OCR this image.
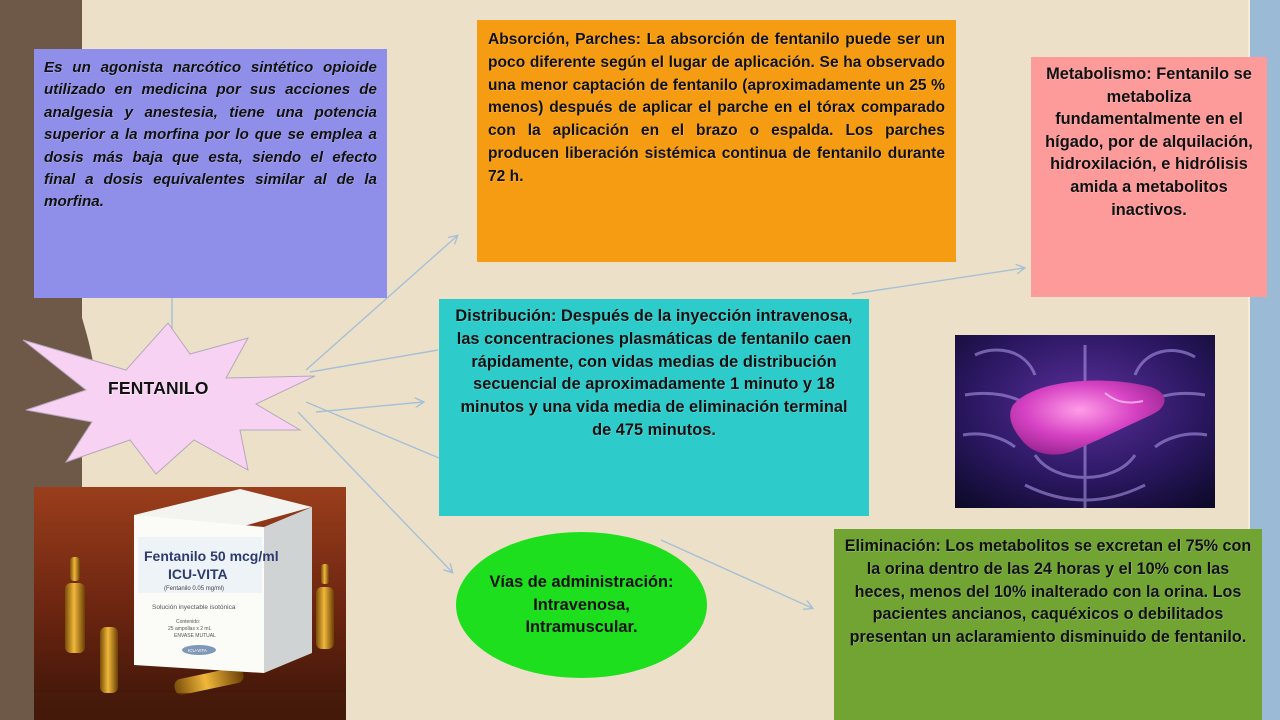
Es un agonista narcótico sintético opioide utilizado en medicina por sus acciones de analgesia y anestesia, tiene una potencia superior a la morfina por lo que se emplea a dosis más baja que esta, siendo el efecto final a dosis equivalentes similar al de la morfina.
Absorción, Parches: La absorción de fentanilo puede ser un poco diferente según el lugar de aplicación. Se ha observado una menor captación de fentanilo (aproximadamente un 25 % menos) después de aplicar el parche en el tórax comparado con la aplicación en el brazo o espalda. Los parches producen liberación sistémica continua de fentanilo durante 72 h.
Metabolismo: Fentanilo se metaboliza fundamentalmente en el hígado, por de alquilación, hidroxilación, e hidrólisis amida a metabolitos inactivos.
Distribución: Después de la inyección intravenosa, las concentraciones plasmáticas de fentanilo caen rápidamente, con vidas medias de distribución secuencial de aproximadamente 1 minuto y 18 minutos y una vida media de eliminación terminal de 475 minutos.
Eliminación: Los metabolitos se excretan el 75% con la orina dentro de las 24 horas y el 10% con las heces, menos del 10% inalterado con la orina. Los pacientes ancianos, caquéxicos o debilitados presentan un aclaramiento disminuido de fentanilo.
Vías de administración:
Intravenosa, Intramuscular.
FENTANILO
Fentanilo 50 mcg/ml
ICU-VITA
(Fentanilo 0.05 mg/ml)
Solución inyectable isotónica
Contenido:
25 ampollas x 2 mL
ENVASE MUTUAL
ICU-VITA
